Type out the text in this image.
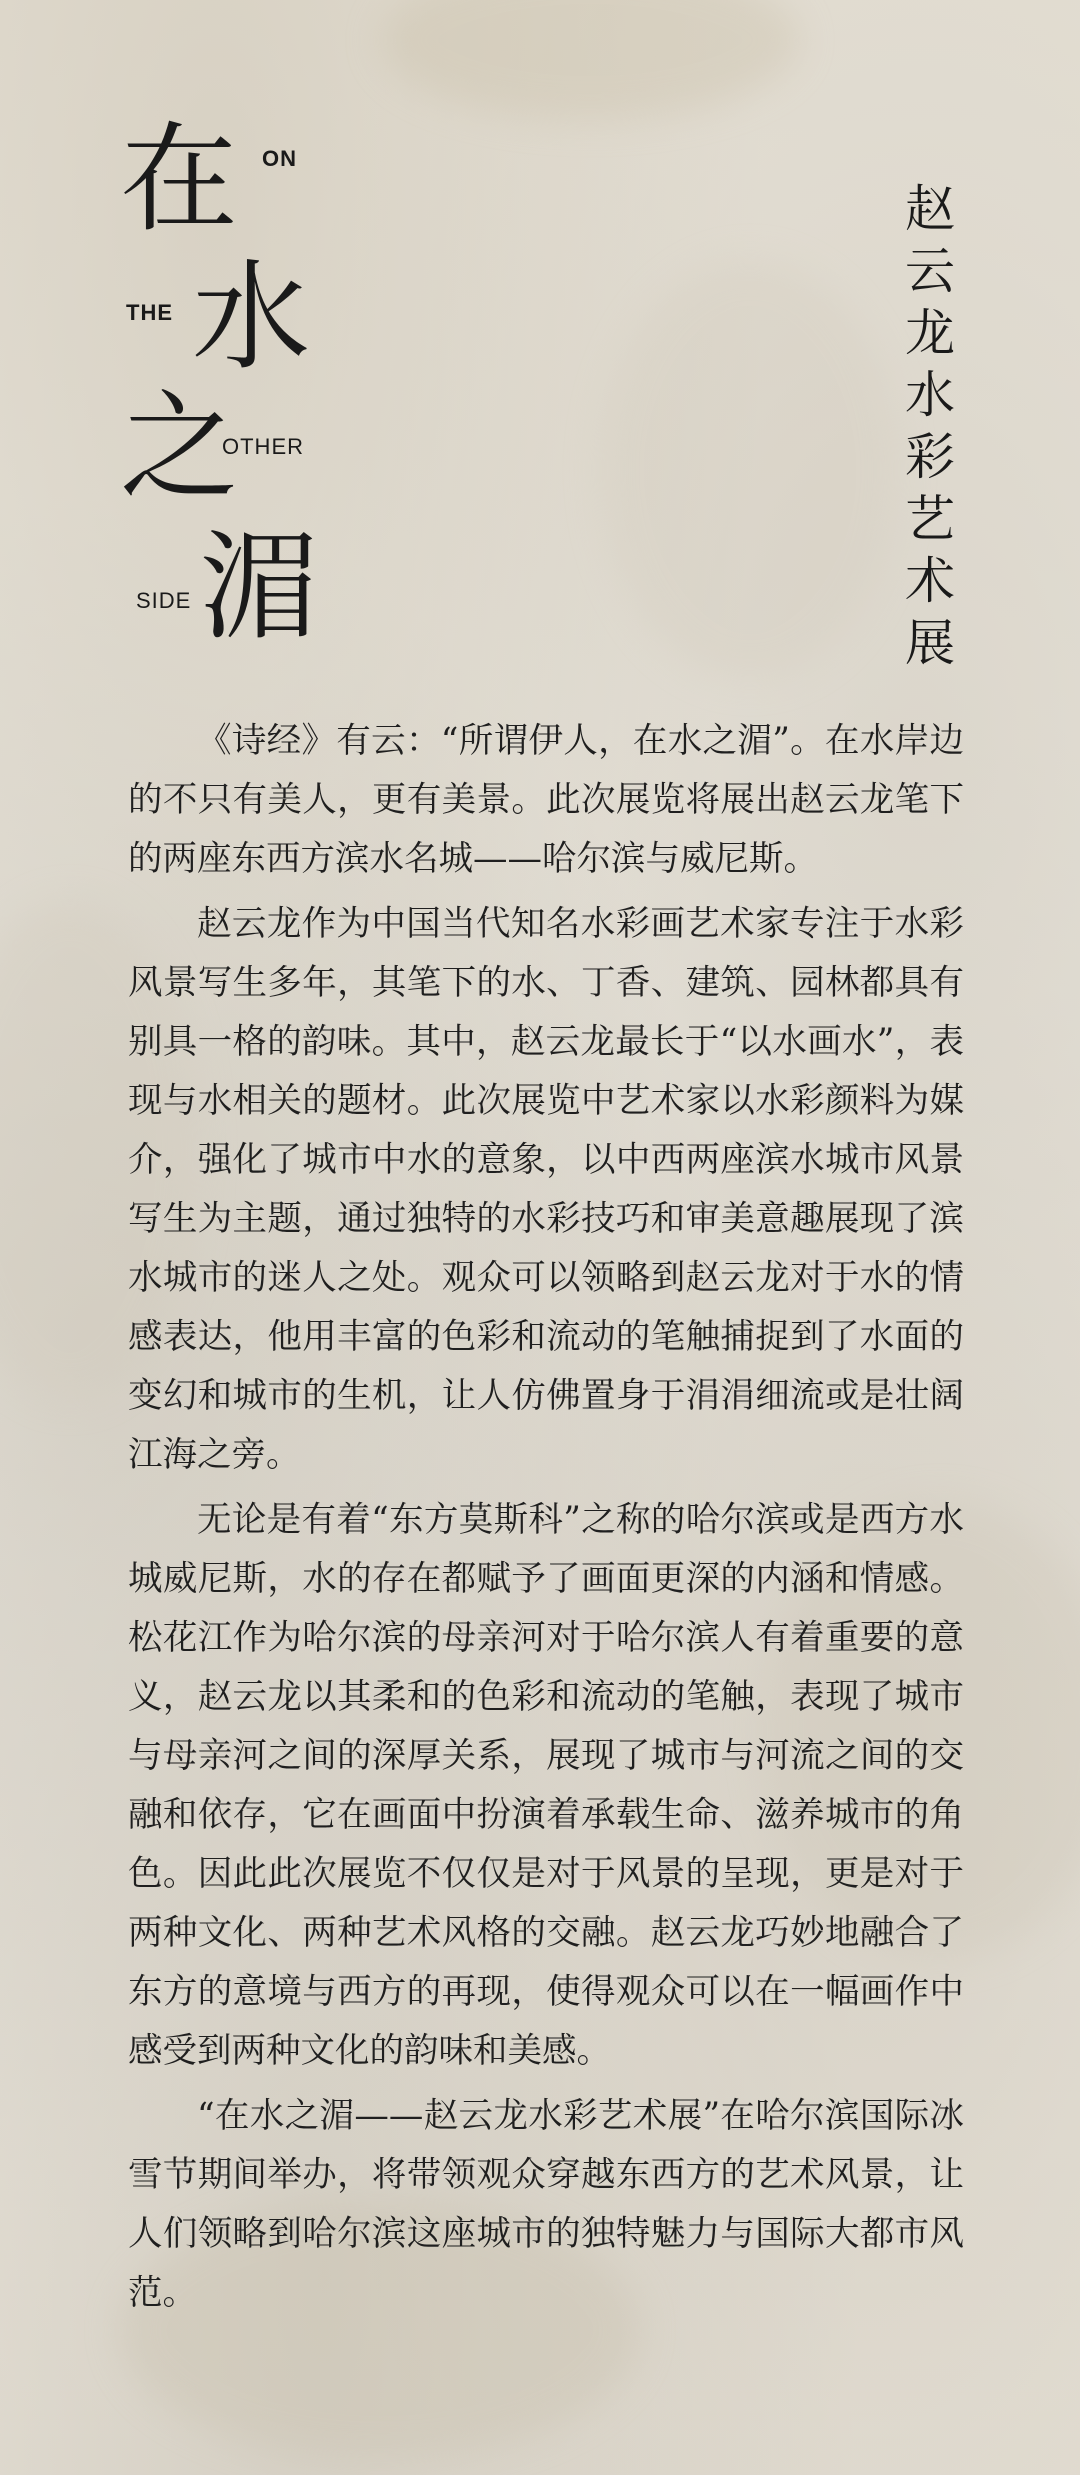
在
水
之
湄
ON
THE
OTHER
SIDE
赵云龙水彩艺术展

《诗经》有云：“所谓伊人，在水之湄”。在水岸边的不只有美人，更有美景。此次展览将展出赵云龙笔下的两座东西方滨水名城——哈尔滨与威尼斯。

赵云龙作为中国当代知名水彩画艺术家专注于水彩风景写生多年，其笔下的水、丁香、建筑、园林都具有别具一格的韵味。其中，赵云龙最长于“以水画水”，表现与水相关的题材。此次展览中艺术家以水彩颜料为媒介，强化了城市中水的意象，以中西两座滨水城市风景写生为主题，通过独特的水彩技巧和审美意趣展现了滨水城市的迷人之处。观众可以领略到赵云龙对于水的情感表达，他用丰富的色彩和流动的笔触捕捉到了水面的变幻和城市的生机，让人仿佛置身于涓涓细流或是壮阔江海之旁。

无论是有着“东方莫斯科”之称的哈尔滨或是西方水城威尼斯，水的存在都赋予了画面更深的内涵和情感。松花江作为哈尔滨的母亲河对于哈尔滨人有着重要的意义，赵云龙以其柔和的色彩和流动的笔触，表现了城市与母亲河之间的深厚关系，展现了城市与河流之间的交融和依存，它在画面中扮演着承载生命、滋养城市的角色。因此此次展览不仅仅是对于风景的呈现，更是对于两种文化、两种艺术风格的交融。赵云龙巧妙地融合了东方的意境与西方的再现，使得观众可以在一幅画作中感受到两种文化的韵味和美感。

“在水之湄——赵云龙水彩艺术展”在哈尔滨国际冰雪节期间举办，将带领观众穿越东西方的艺术风景，让人们领略到哈尔滨这座城市的独特魅力与国际大都市风范。
